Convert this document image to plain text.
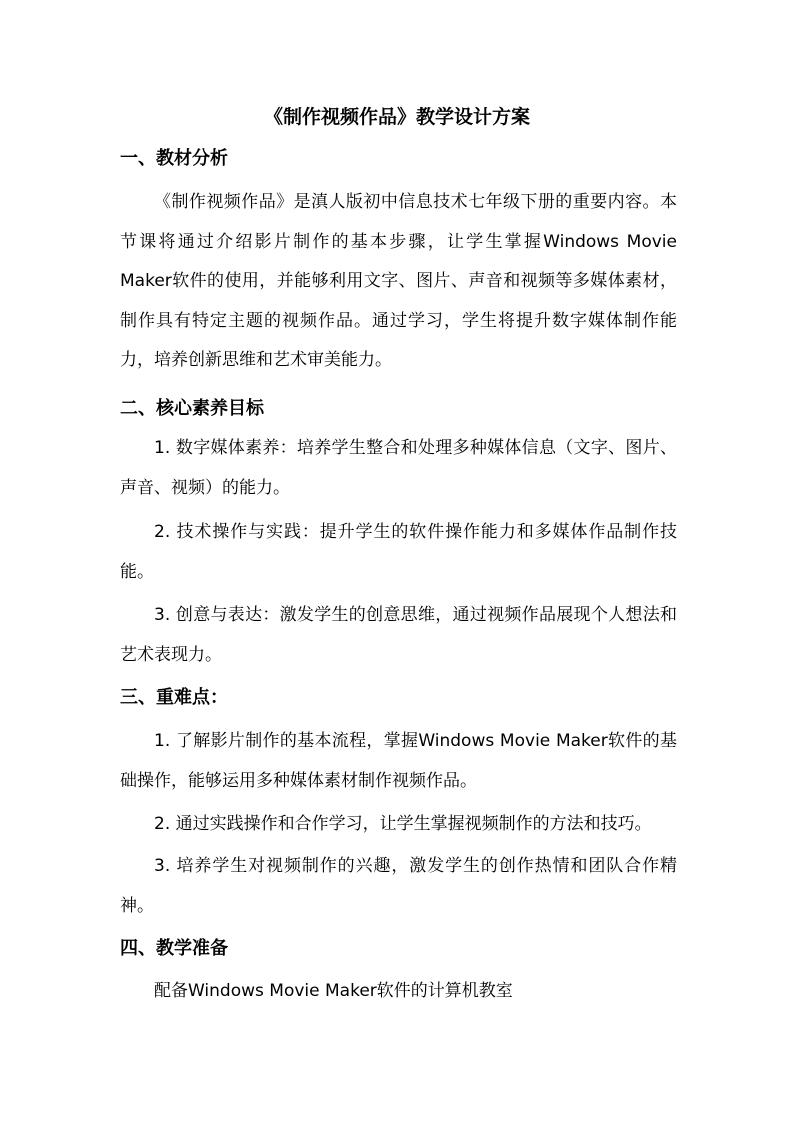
《制作视频作品》教学设计方案
一、教材分析
《制作视频作品》是滇人版初中信息技术七年级下册的重要内容。本节课将通过介绍影片制作的基本步骤，让学生掌握Windows Movie Maker软件的使用，并能够利用文字、图片、声音和视频等多媒体素材，制作具有特定主题的视频作品。通过学习，学生将提升数字媒体制作能力，培养创新思维和艺术审美能力。
二、核心素养目标
1. 数字媒体素养：培养学生整合和处理多种媒体信息（文字、图片、声音、视频）的能力。
2. 技术操作与实践：提升学生的软件操作能力和多媒体作品制作技能。
3. 创意与表达：激发学生的创意思维，通过视频作品展现个人想法和艺术表现力。
三、重难点：
1. 了解影片制作的基本流程，掌握Windows Movie Maker软件的基础操作，能够运用多种媒体素材制作视频作品。
2. 通过实践操作和合作学习，让学生掌握视频制作的方法和技巧。
3. 培养学生对视频制作的兴趣，激发学生的创作热情和团队合作精神。
四、教学准备
配备Windows Movie Maker软件的计算机教室
